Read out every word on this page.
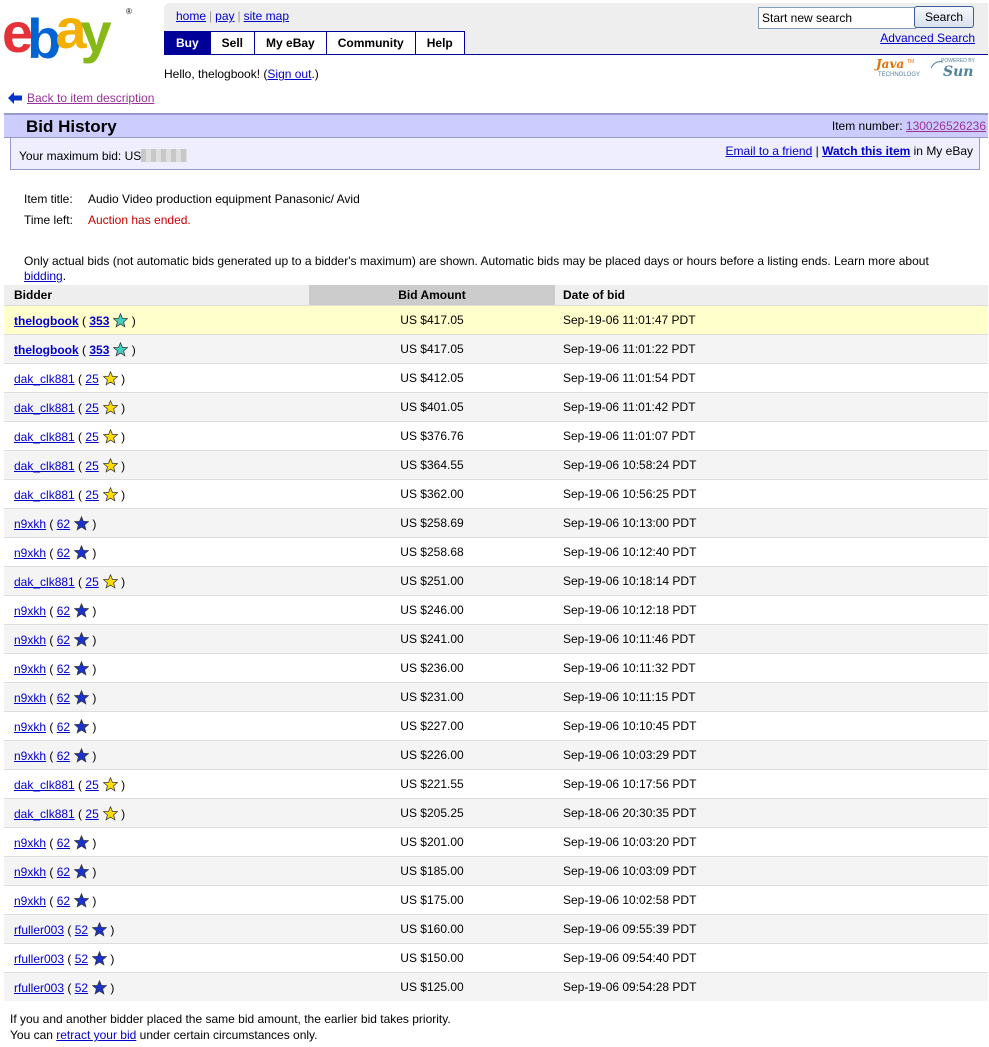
ebay	®	home | pay | site map
Buy	Sell	My eBay	Community	Help
Start new search
Search
Advanced Search
Hello, thelogbook! (Sign out.)
Java TM
TECHNOLOGY
POWERED BY
Sun
Back to item description
Bid History	Item number: 130026526236
Your maximum bid: US	Email to a friend | Watch this item in My eBay
Item title:	Audio Video production equipment Panasonic/ Avid
Time left:	Auction has ended.
Only actual bids (not automatic bids generated up to a bidder's maximum) are shown. Automatic bids may be placed days or hours before a listing ends. Learn more about bidding.
Bidder	Bid Amount	Date of bid
thelogbook ( 353 )	US $417.05	Sep-19-06 11:01:47 PDT
thelogbook ( 353 )	US $417.05	Sep-19-06 11:01:22 PDT
dak_clk881 ( 25 )	US $412.05	Sep-19-06 11:01:54 PDT
dak_clk881 ( 25 )	US $401.05	Sep-19-06 11:01:42 PDT
dak_clk881 ( 25 )	US $376.76	Sep-19-06 11:01:07 PDT
dak_clk881 ( 25 )	US $364.55	Sep-19-06 10:58:24 PDT
dak_clk881 ( 25 )	US $362.00	Sep-19-06 10:56:25 PDT
n9xkh ( 62 )	US $258.69	Sep-19-06 10:13:00 PDT
n9xkh ( 62 )	US $258.68	Sep-19-06 10:12:40 PDT
dak_clk881 ( 25 )	US $251.00	Sep-19-06 10:18:14 PDT
n9xkh ( 62 )	US $246.00	Sep-19-06 10:12:18 PDT
n9xkh ( 62 )	US $241.00	Sep-19-06 10:11:46 PDT
n9xkh ( 62 )	US $236.00	Sep-19-06 10:11:32 PDT
n9xkh ( 62 )	US $231.00	Sep-19-06 10:11:15 PDT
n9xkh ( 62 )	US $227.00	Sep-19-06 10:10:45 PDT
n9xkh ( 62 )	US $226.00	Sep-19-06 10:03:29 PDT
dak_clk881 ( 25 )	US $221.55	Sep-19-06 10:17:56 PDT
dak_clk881 ( 25 )	US $205.25	Sep-18-06 20:30:35 PDT
n9xkh ( 62 )	US $201.00	Sep-19-06 10:03:20 PDT
n9xkh ( 62 )	US $185.00	Sep-19-06 10:03:09 PDT
n9xkh ( 62 )	US $175.00	Sep-19-06 10:02:58 PDT
rfuller003 ( 52 )	US $160.00	Sep-19-06 09:55:39 PDT
rfuller003 ( 52 )	US $150.00	Sep-19-06 09:54:40 PDT
rfuller003 ( 52 )	US $125.00	Sep-19-06 09:54:28 PDT
If you and another bidder placed the same bid amount, the earlier bid takes priority.
You can retract your bid under certain circumstances only.
